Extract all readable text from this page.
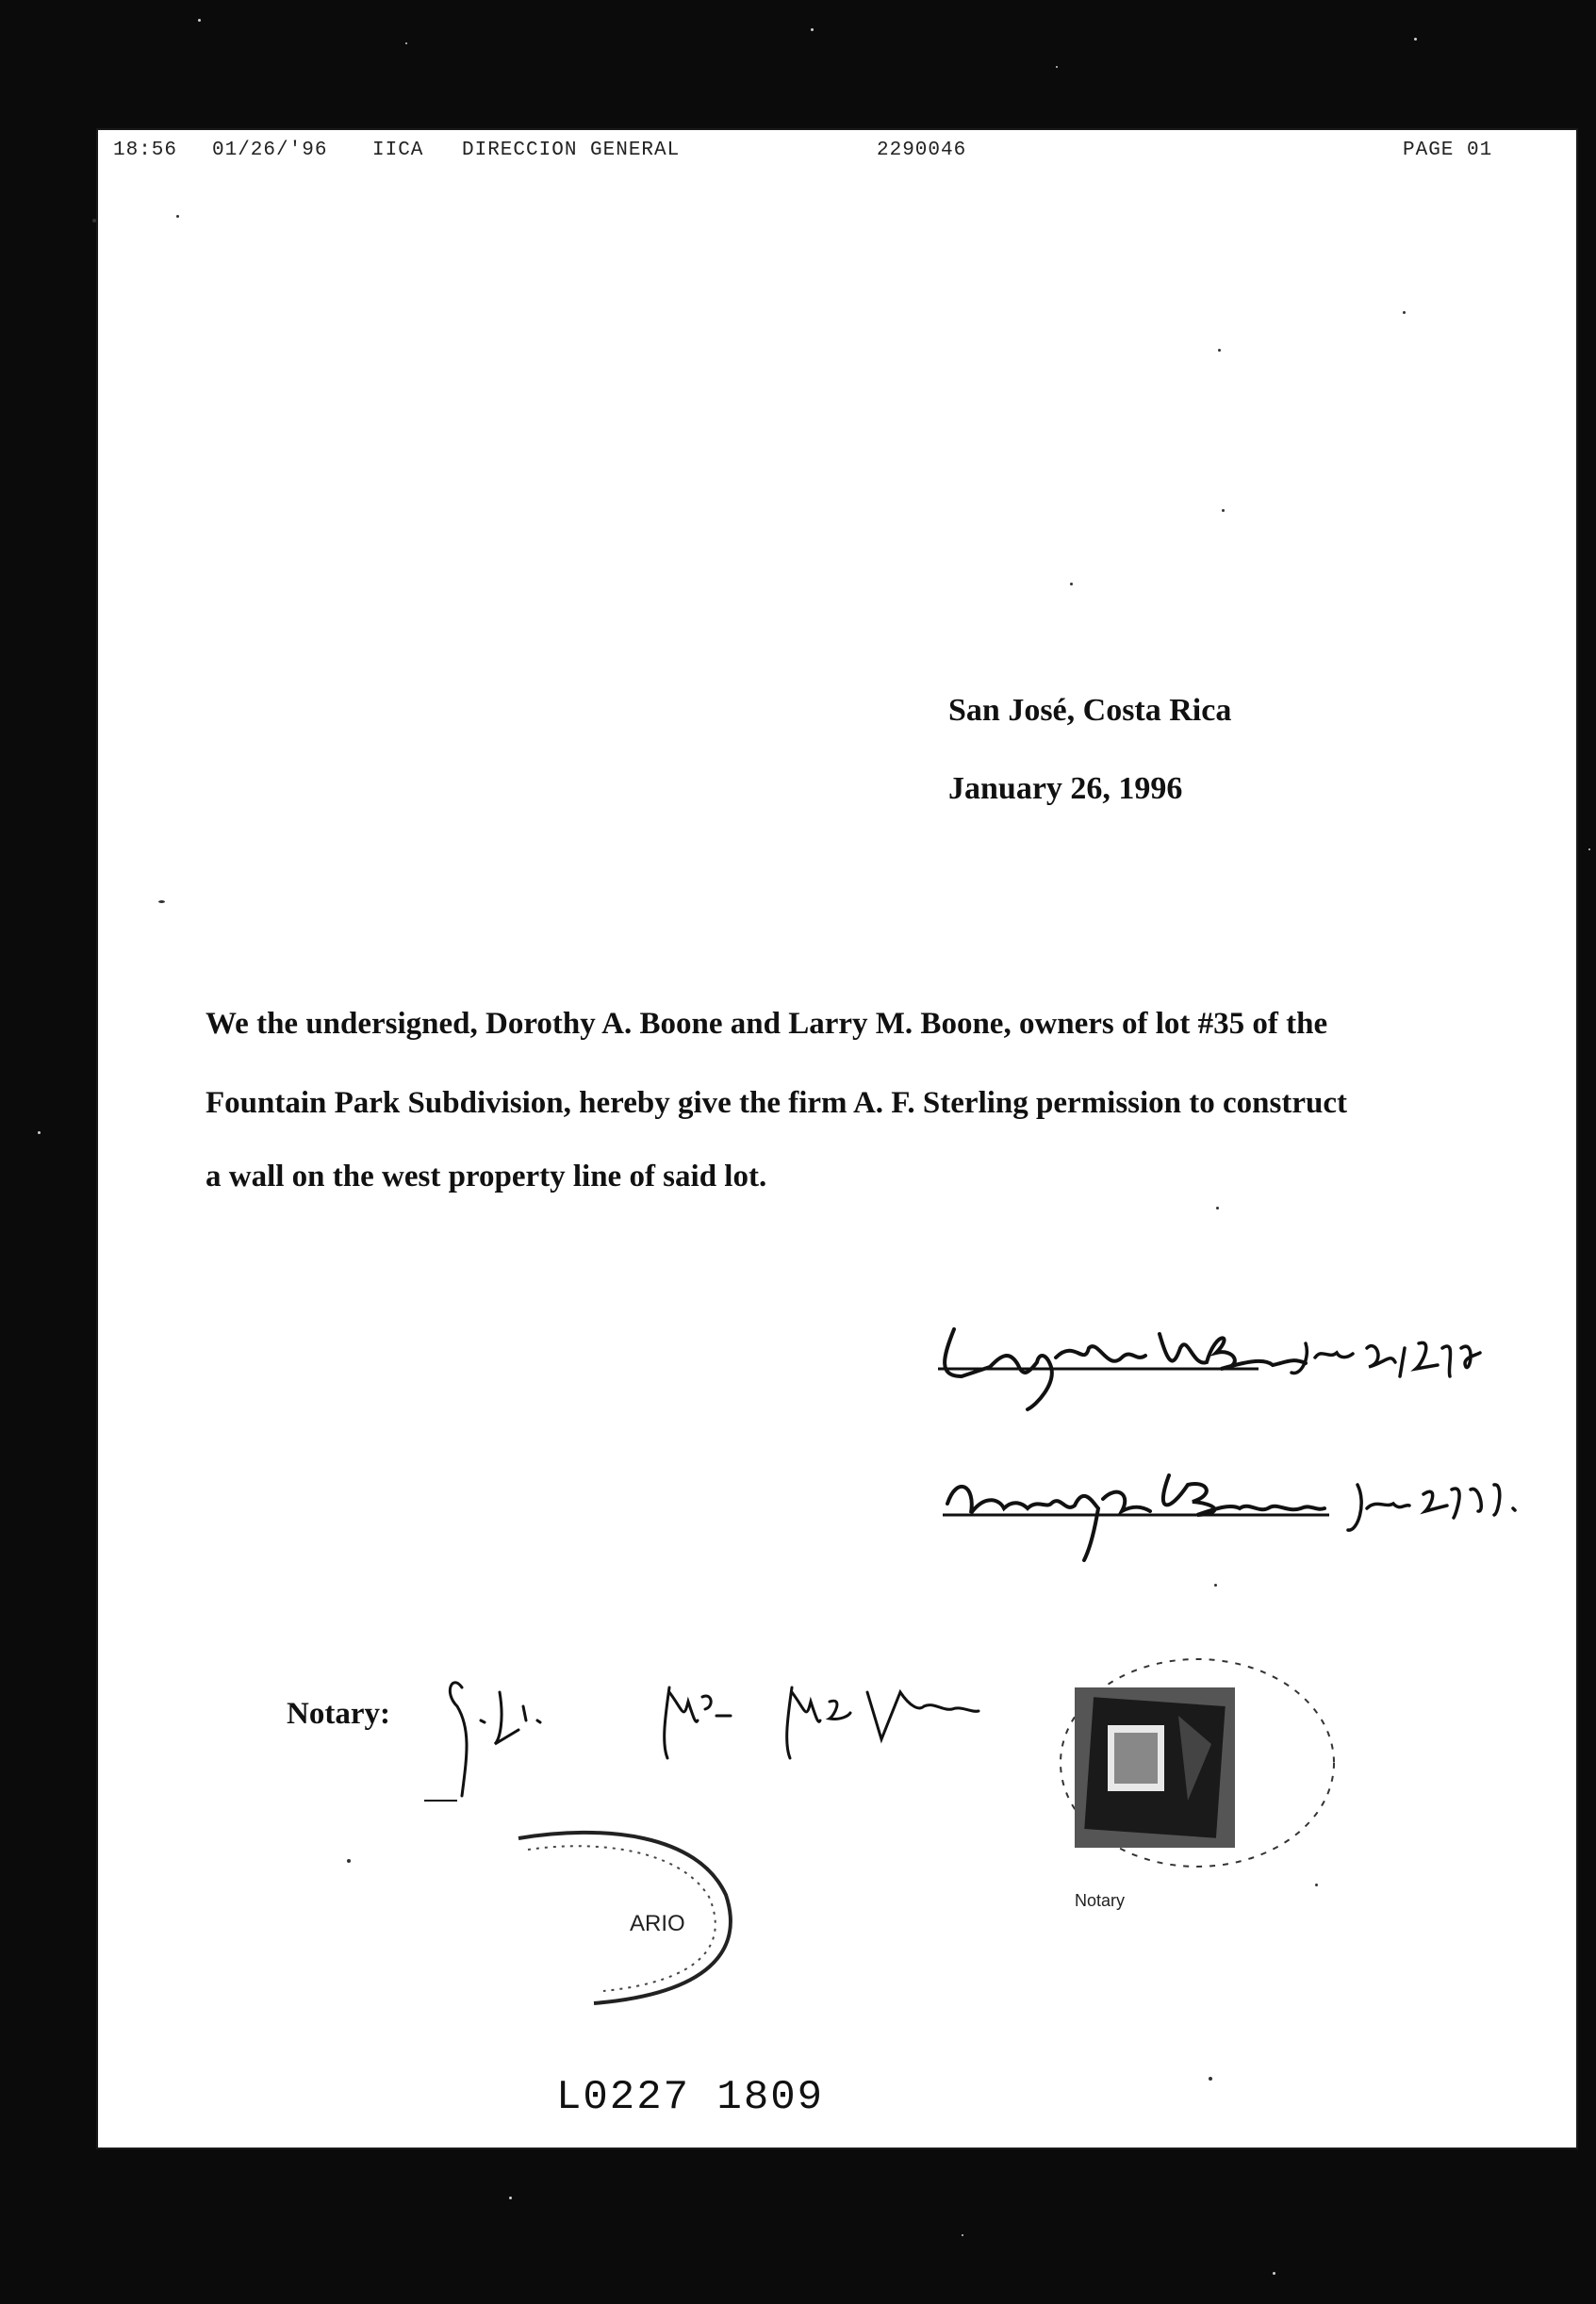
18:56 01/26/'96 IICA DIRECCION GENERAL	2290046	PAGE 01
San José, Costa Rica
January 26, 1996
We the undersigned, Dorothy A. Boone and Larry M. Boone, owners of lot #35 of the
Fountain Park Subdivision, hereby give the firm A. F. Sterling permission to construct
a wall on the west property line of said lot.
Notary:
ARIO
Notary
L0227 1809
